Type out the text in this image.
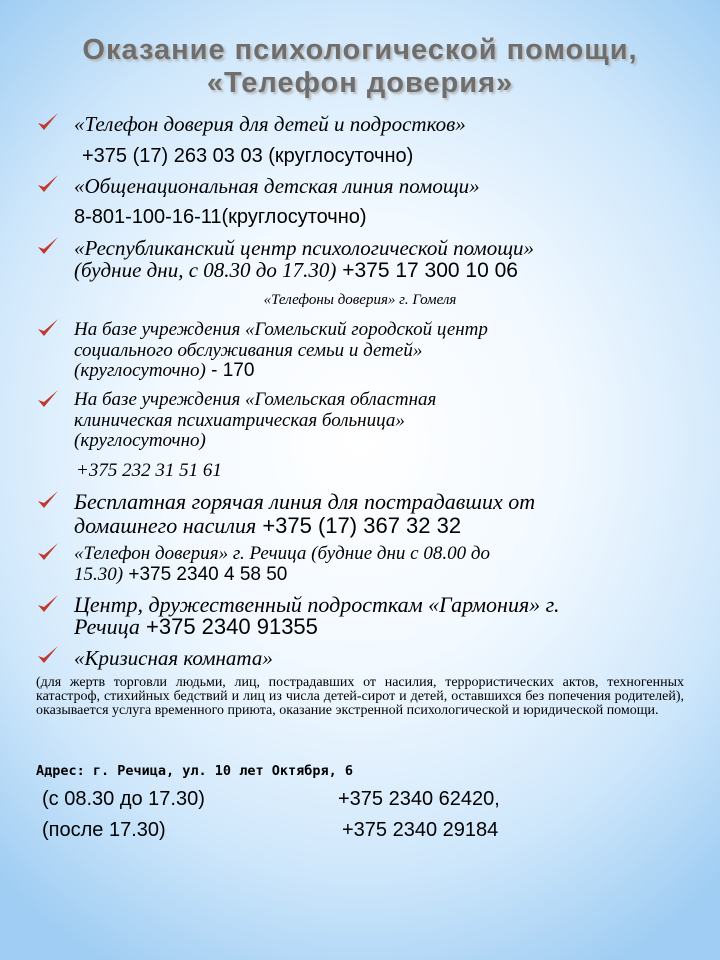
Оказание психологической помощи,
«Телефон доверия»
«Телефон доверия для детей и подростков»
+375 (17) 263 03 03 (круглосуточно)
«Общенациональная детская линия помощи»
8-801-100-16-11(круглосуточно)
«Республиканский центр психологической помощи»
(будние дни, с 08.30 до 17.30) +375 17 300 10 06
«Телефоны доверия» г. Гомеля
На базе учреждения «Гомельский городской центр
социального обслуживания семьи и детей»
(круглосуточно) - 170
На базе учреждения «Гомельская областная
клиническая психиатрическая больница»
(круглосуточно)
+375 232 31 51 61
Бесплатная горячая линия для пострадавших от
домашнего насилия +375 (17) 367 32 32
«Телефон доверия» г. Речица (будние дни с 08.00 до
15.30) +375 2340 4 58 50
Центр, дружественный подросткам «Гармония» г.
Речица +375 2340 91355
«Кризисная комната»
(для жертв торговли людьми, лиц, пострадавших от насилия, террористических актов, техногенных катастроф, стихийных бедствий и лиц из числа детей-сирот и детей, оставшихся без попечения родителей), оказывается услуга временного приюта, оказание экстренной психологической и юридической помощи.
Адрес: г. Речица, ул. 10 лет Октября, 6
(с 08.30 до 17.30)	+375 2340 62420,
(после 17.30)	+375 2340 29184
